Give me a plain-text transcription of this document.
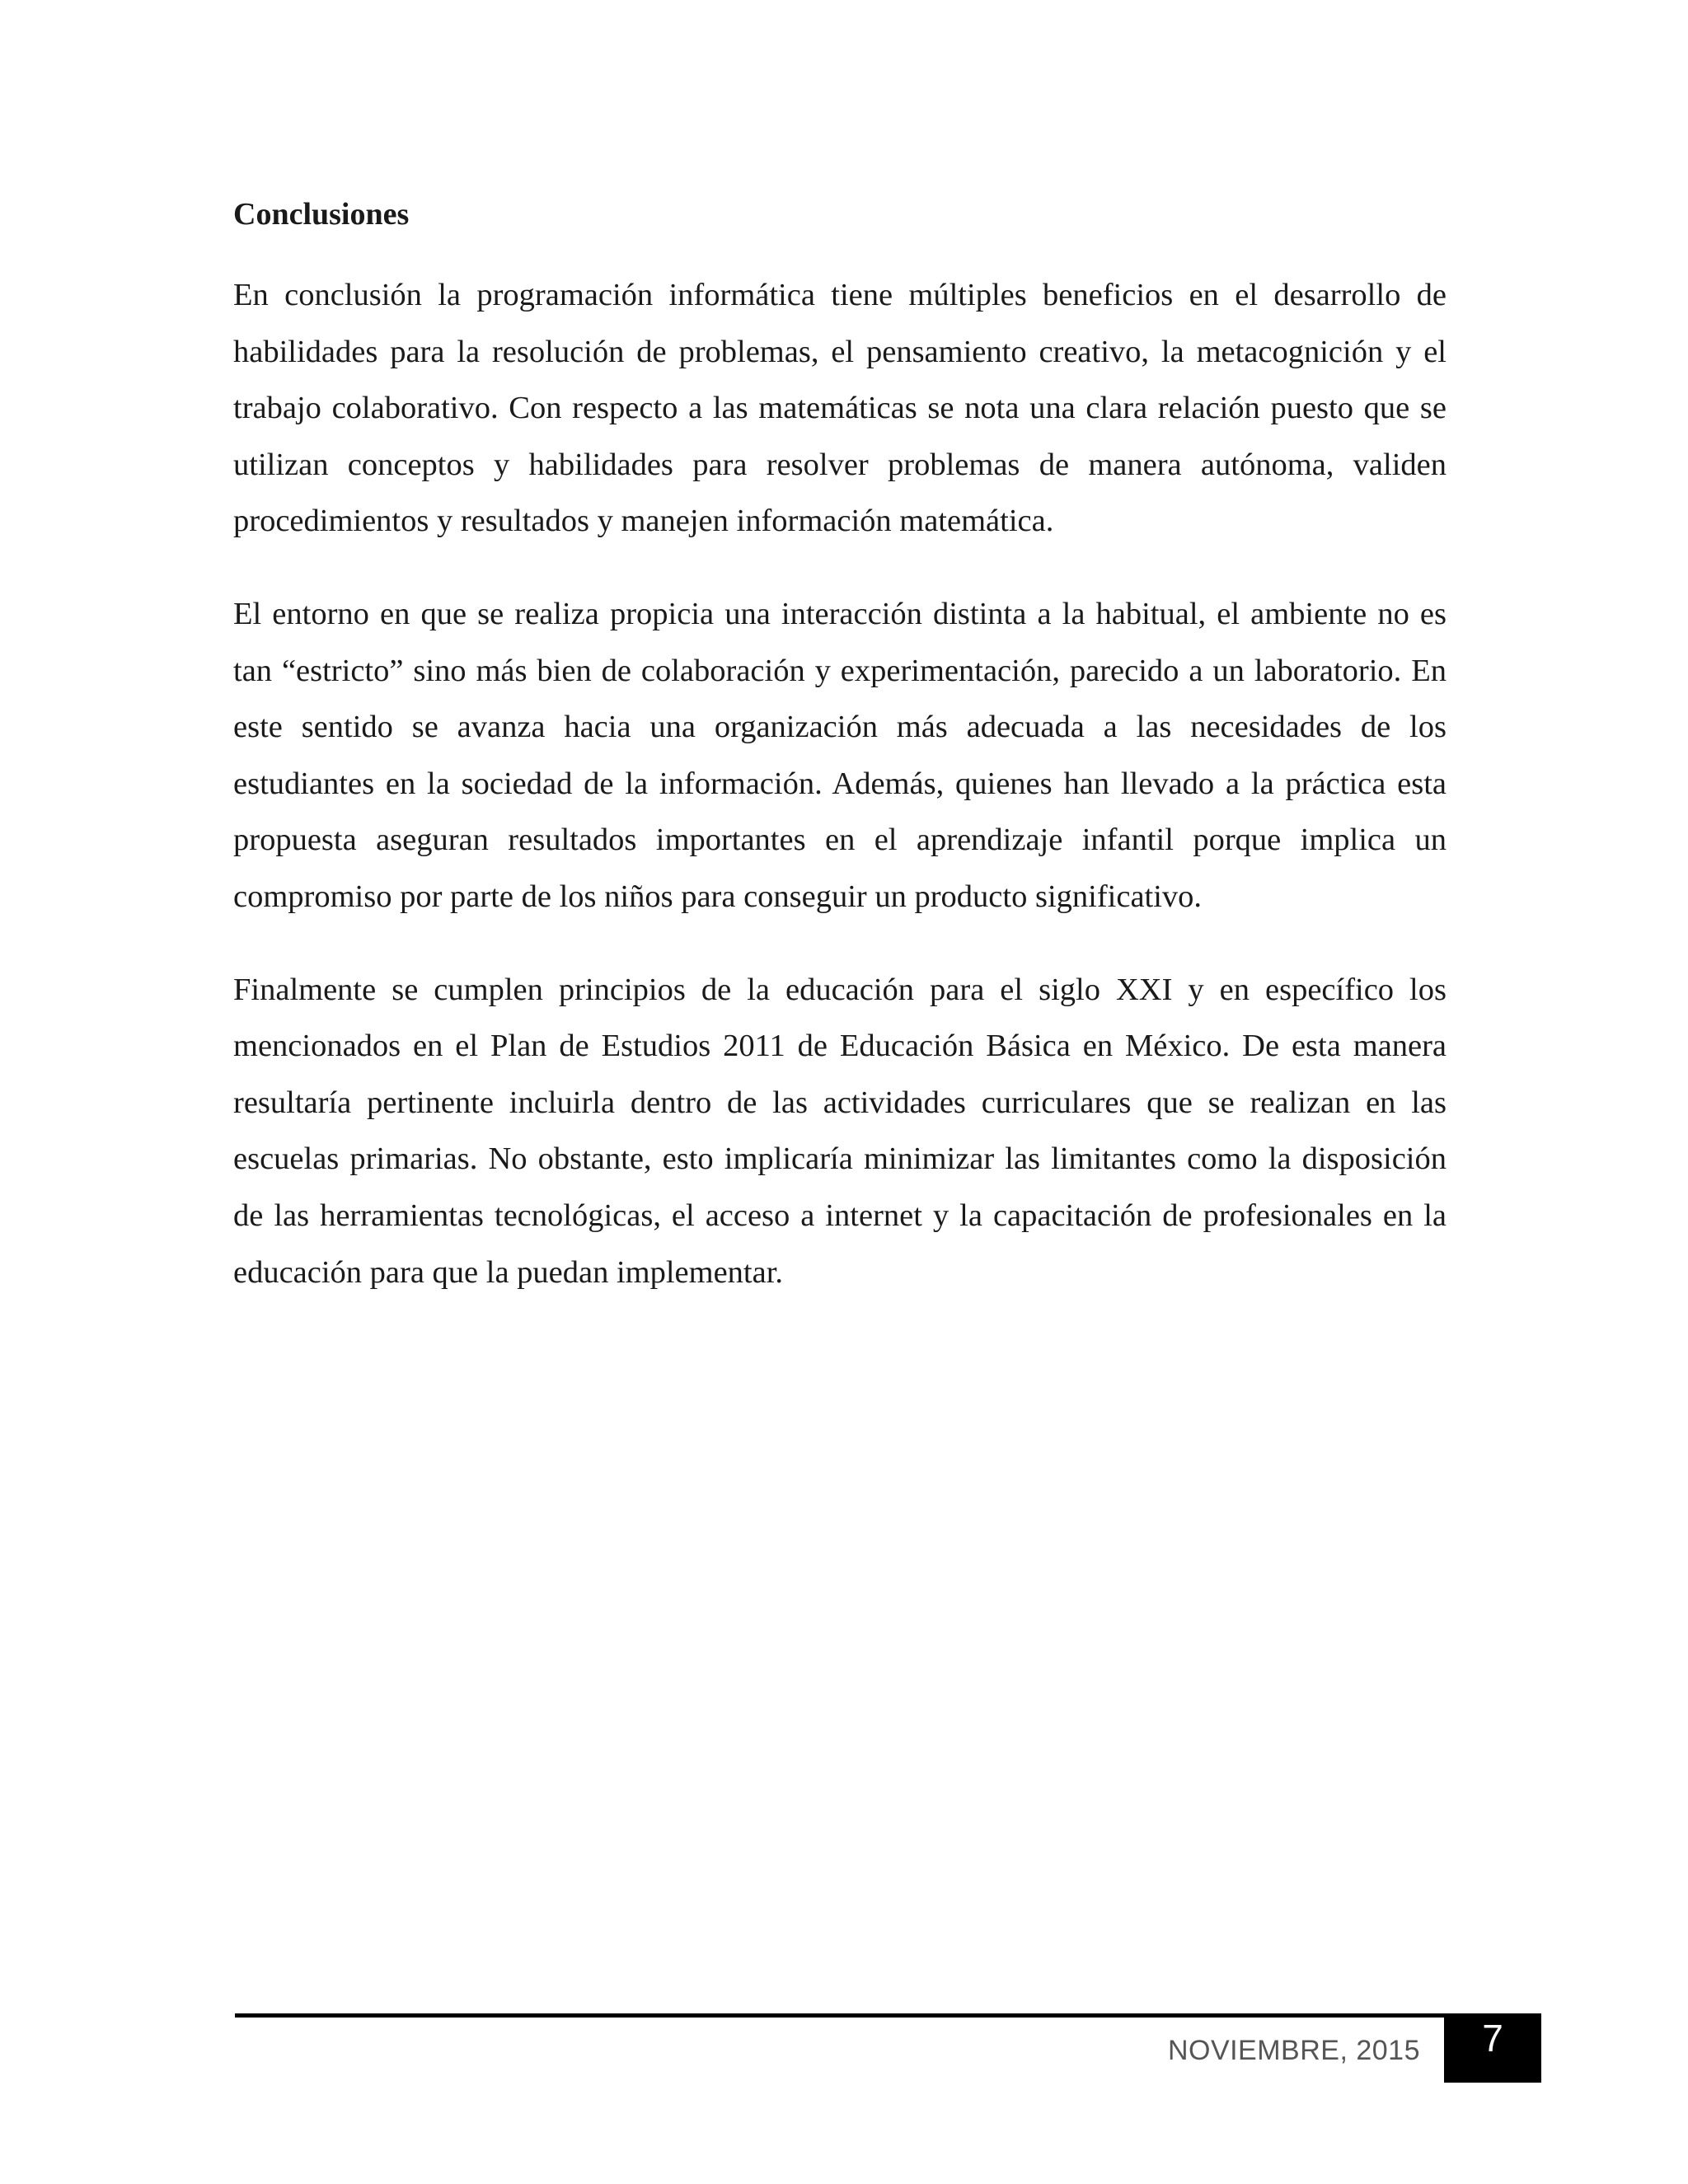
Conclusiones

En conclusión la programación informática tiene múltiples beneficios en el desarrollo de habilidades para la resolución de problemas, el pensamiento creativo, la metacognición y el trabajo colaborativo. Con respecto a las matemáticas se nota una clara relación puesto que se utilizan conceptos y habilidades para resolver problemas de manera autónoma, validen procedimientos y resultados y manejen información matemática.

El entorno en que se realiza propicia una interacción distinta a la habitual, el ambiente no es tan “estricto” sino más bien de colaboración y experimentación, parecido a un laboratorio. En este sentido se avanza hacia una organización más adecuada a las necesidades de los estudiantes en la sociedad de la información. Además, quienes han llevado a la práctica esta propuesta aseguran resultados importantes en el aprendizaje infantil porque implica un compromiso por parte de los niños para conseguir un producto significativo.

Finalmente se cumplen principios de la educación para el siglo XXI y en específico los mencionados en el Plan de Estudios 2011 de Educación Básica en México. De esta manera resultaría pertinente incluirla dentro de las actividades curriculares que se realizan en las escuelas primarias. No obstante, esto implicaría minimizar las limitantes como la disposición de las herramientas tecnológicas, el acceso a internet y la capacitación de profesionales en la educación para que la puedan implementar.

NOVIEMBRE, 2015	7
